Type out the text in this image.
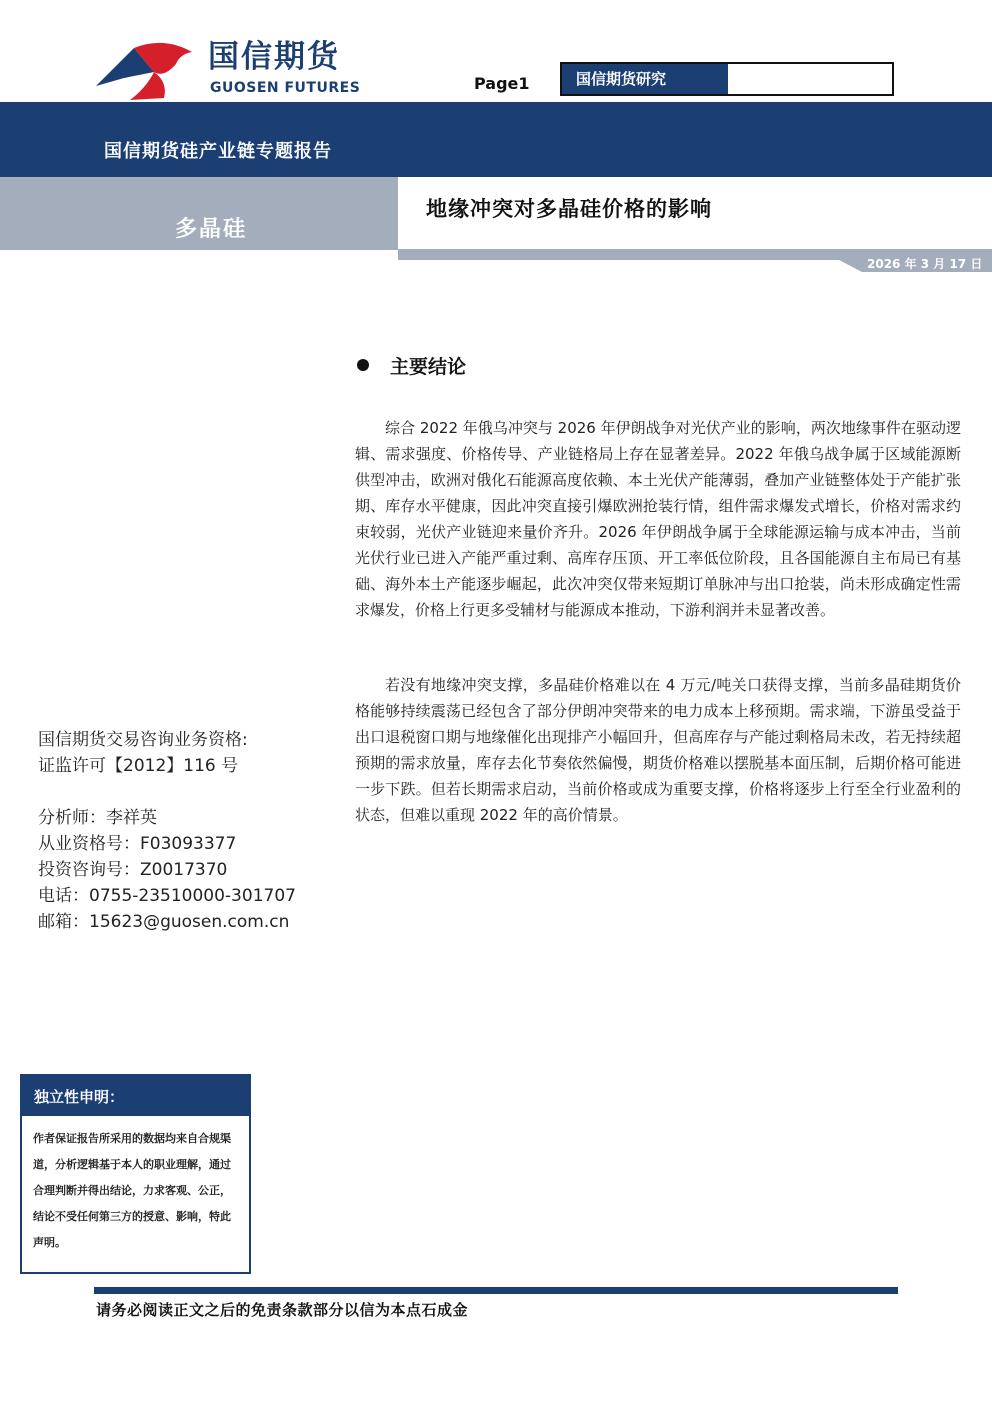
国信期货
GUOSEN FUTURES	Page1	国信期货研究
国信期货硅产业链专题报告
多晶硅
地缘冲突对多晶硅价格的影响
2026 年 3 月 17 日
主要结论
综合 2022 年俄乌冲突与 2026 年伊朗战争对光伏产业的影响，两次地缘事件在驱动逻辑、需求强度、价格传导、产业链格局上存在显著差异。2022 年俄乌战争属于区域能源断供型冲击，欧洲对俄化石能源高度依赖、本土光伏产能薄弱，叠加产业链整体处于产能扩张期、库存水平健康，因此冲突直接引爆欧洲抢装行情，组件需求爆发式增长，价格对需求约束较弱，光伏产业链迎来量价齐升。2026 年伊朗战争属于全球能源运输与成本冲击，当前光伏行业已进入产能严重过剩、高库存压顶、开工率低位阶段，且各国能源自主布局已有基础、海外本土产能逐步崛起，此次冲突仅带来短期订单脉冲与出口抢装，尚未形成确定性需求爆发，价格上行更多受辅材与能源成本推动，下游利润并未显著改善。
若没有地缘冲突支撑，多晶硅价格难以在 4 万元/吨关口获得支撑，当前多晶硅期货价格能够持续震荡已经包含了部分伊朗冲突带来的电力成本上移预期。需求端，下游虽受益于出口退税窗口期与地缘催化出现排产小幅回升，但高库存与产能过剩格局未改，若无持续超预期的需求放量，库存去化节奏依然偏慢，期货价格难以摆脱基本面压制，后期价格可能进一步下跌。但若长期需求启动，当前价格或成为重要支撑，价格将逐步上行至全行业盈利的状态，但难以重现 2022 年的高价情景。
国信期货交易咨询业务资格:
证监许可【2012】116 号
分析师：李祥英
从业资格号：F03093377
投资咨询号：Z0017370
电话：0755-23510000-301707
邮箱：15623@guosen.com.cn
独立性申明：
作者保证报告所采用的数据均来自合规渠道，分析逻辑基于本人的职业理解，通过合理判断并得出结论，力求客观、公正，结论不受任何第三方的授意、影响，特此声明。
请务必阅读正文之后的免责条款部分以信为本点石成金
